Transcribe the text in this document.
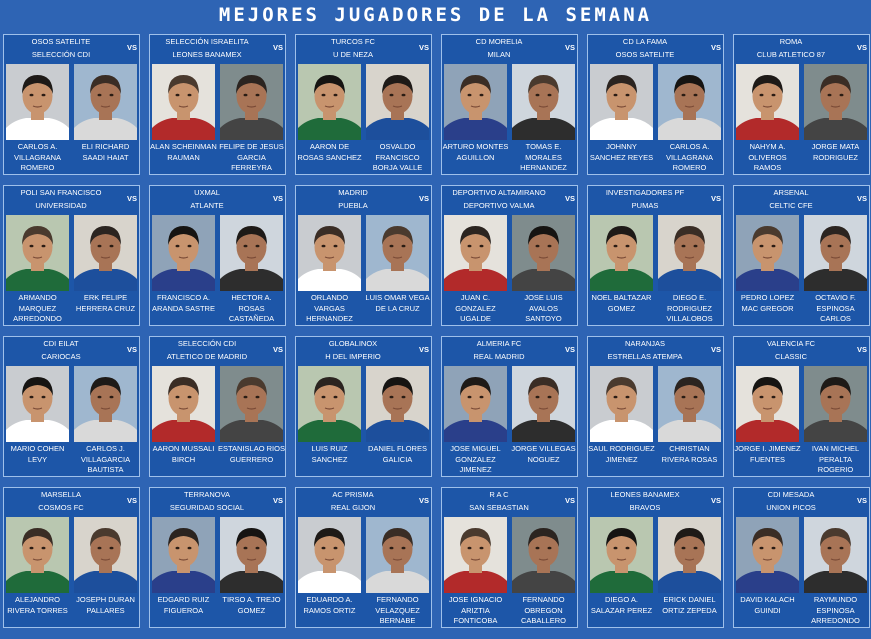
MEJORES JUGADORES DE LA SEMANA
OSOS SATELITE
SELECCIÓN CDI
VS
CARLOS A. VILLAGRANA ROMERO
ELI RICHARD SAADI HAIAT
SELECCIÓN ISRAELITA
LEONES BANAMEX
VS
ALAN SCHEINMAN RAUMAN
FELIPE DE JESUS GARCIA FERREYRA
TURCOS FC
U DE NEZA
VS
AARON DE ROSAS SANCHEZ
OSVALDO FRANCISCO BORJA VALLE
CD MORELIA
MILAN
VS
ARTURO MONTES AGUILLON
TOMAS E. MORALES HERNANDEZ
CD LA FAMA
OSOS SATELITE
VS
JOHNNY SANCHEZ REYES
CARLOS A. VILLAGRANA ROMERO
ROMA
CLUB ATLETICO 87
VS
NAHYM A. OLIVEROS RAMOS
JORGE MATA RODRIGUEZ
POLI SAN FRANCISCO
UNIVERSIDAD
VS
ARMANDO MARQUEZ ARREDONDO
ERK FELIPE HERRERA CRUZ
UXMAL
ATLANTE
VS
FRANCISCO A. ARANDA SASTRE
HECTOR A. ROSAS CASTAÑEDA
MADRID
PUEBLA
VS
ORLANDO VARGAS HERNANDEZ
LUIS OMAR VEGA DE LA CRUZ
DEPORTIVO ALTAMIRANO
DEPORTIVO VALMA
VS
JUAN C. GONZALEZ UGALDE
JOSE LUIS AVALOS SANTOYO
INVESTIGADORES PF
PUMAS
VS
NOEL BALTAZAR GOMEZ
DIEGO E. RODRIGUEZ VILLALOBOS
ARSENAL
CELTIC CFE
VS
PEDRO LOPEZ MAC GREGOR
OCTAVIO F. ESPINOSA CARLOS
CDI EILAT
CARIOCAS
VS
MARIO COHEN LEVY
CARLOS J. VILLAGARCIA BAUTISTA
SELECCIÓN CDI
ATLETICO DE MADRID
VS
AARON MUSSALI BIRCH
ESTANISLAO RIOS GUERRERO
GLOBALINOX
H DEL IMPERIO
VS
LUIS RUIZ SANCHEZ
DANIEL FLORES GALICIA
ALMERIA FC
REAL MADRID
VS
JOSE MIGUEL GONZALEZ JIMENEZ
JORGE VILLEGAS NOGUEZ
NARANJAS
ESTRELLAS ATEMPA
VS
SAUL RODRIGUEZ JIMENEZ
CHRISTIAN RIVERA ROSAS
VALENCIA FC
CLASSIC
VS
JORGE I. JIMENEZ FUENTES
IVAN MICHEL PERALTA ROGERIO
MARSELLA
COSMOS FC
VS
ALEJANDRO RIVERA TORRES
JOSEPH DURAN PALLARES
TERRANOVA
SEGURIDAD SOCIAL
VS
EDGARD RUIZ FIGUEROA
TIRSO A. TREJO GOMEZ
AC PRISMA
REAL GIJON
VS
EDUARDO A. RAMOS ORTIZ
FERNANDO VELAZQUEZ BERNABE
R A C
SAN SEBASTIAN
VS
JOSE IGNACIO ARIZTIA FONTICOBA
FERNANDO OBREGON CABALLERO
LEONES BANAMEX
BRAVOS
VS
DIEGO A. SALAZAR PEREZ
ERICK DANIEL ORTIZ ZEPEDA
CDI MESADA
UNION PICOS
VS
DAVID KALACH GUINDI
RAYMUNDO ESPINOSA ARREDONDO
